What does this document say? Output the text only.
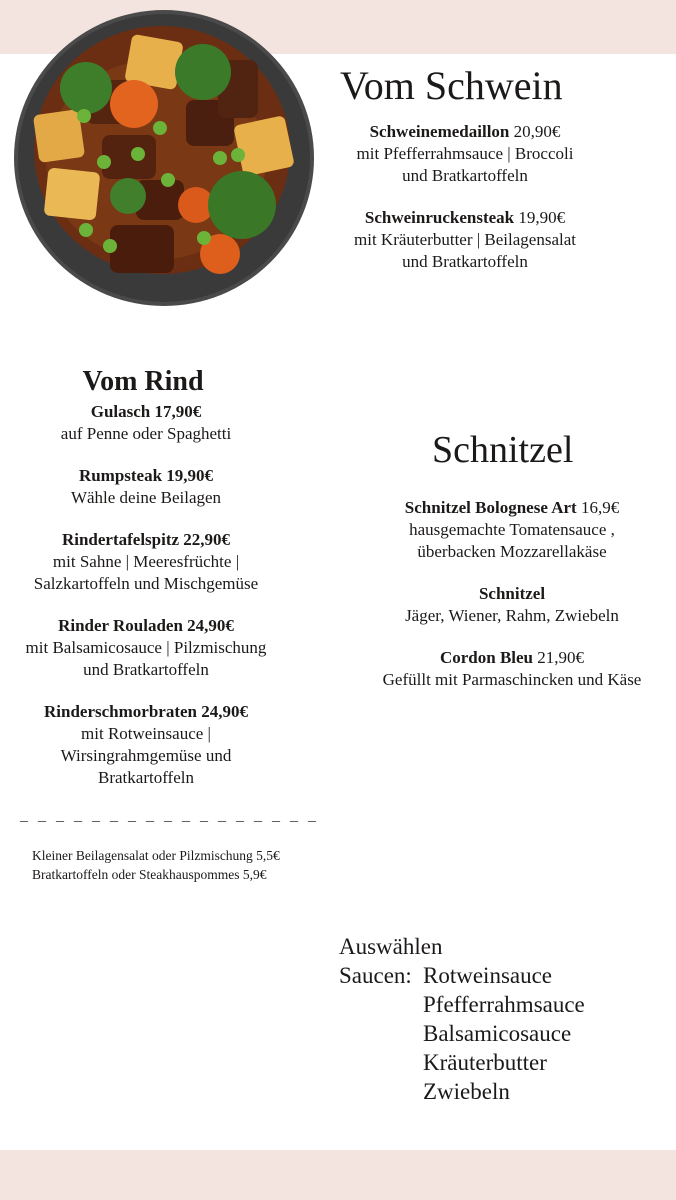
Vom Schwein
Schweinemedaillon 20,90€
mit Pfefferrahmsauce | Broccoli
und Bratkartoffeln
Schweinruckensteak 19,90€
mit Kräuterbutter | Beilagensalat
und Bratkartoffeln
Vom Rind
Gulasch 17,90€
auf Penne oder Spaghetti
Rumpsteak 19,90€
Wähle deine Beilagen
Rindertafelspitz 22,90€
mit Sahne | Meeresfrüchte |
Salzkartoffeln und Mischgemüse
Rinder Rouladen 24,90€
mit Balsamicosauce | Pilzmischung
und Bratkartoffeln
Rinderschmorbraten 24,90€
mit Rotweinsauce |
Wirsingrahmgemüse und
Bratkartoffeln
Schnitzel
Schnitzel Bolognese Art 16,9€
hausgemachte Tomatensauce ,
überbacken Mozzarellakäse
Schnitzel
Jäger, Wiener, Rahm, Zwiebeln
Cordon Bleu 21,90€
Gefüllt mit Parmaschincken und Käse
_ _ _ _ _ _ _ _ _ _ _ _ _ _ _ _ _
Kleiner Beilagensalat oder Pilzmischung 5,5€
Bratkartoffeln oder Steakhauspommes 5,9€
Auswählen
Saucen: Rotweinsauce
Pfefferrahmsauce
Balsamicosauce
Kräuterbutter
Zwiebeln
